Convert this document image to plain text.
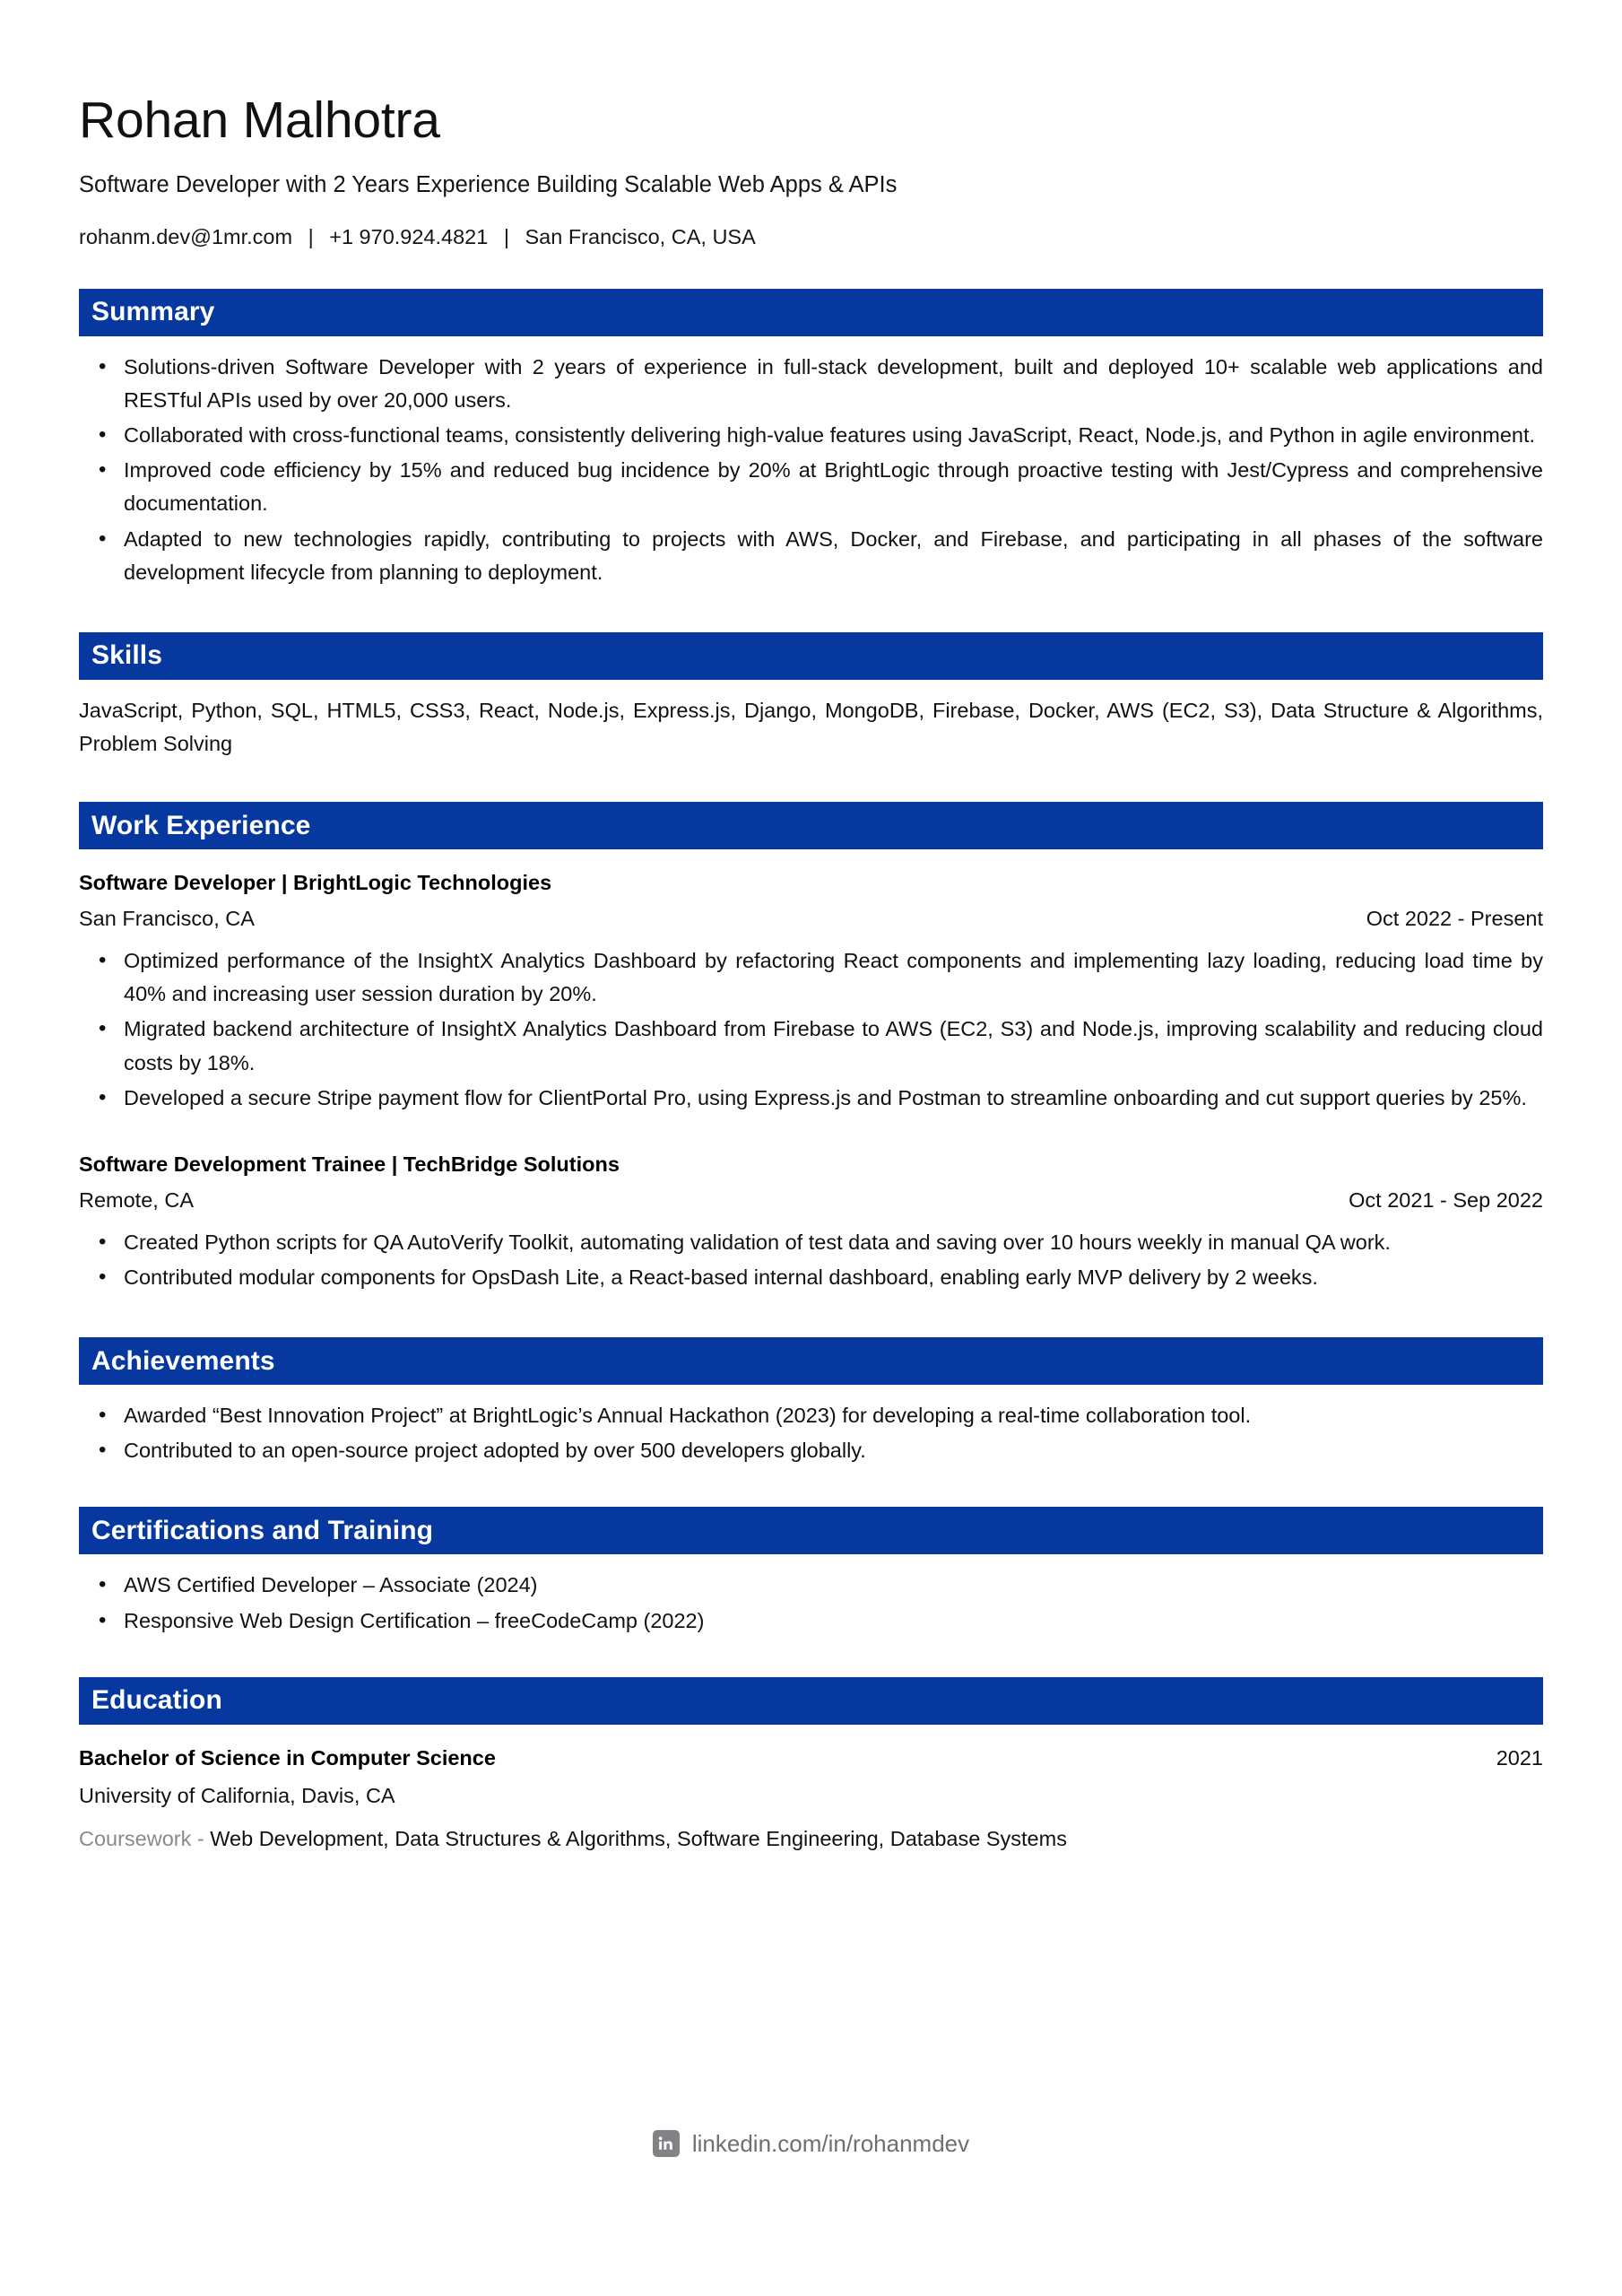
Rohan Malhotra
Software Developer with 2 Years Experience Building Scalable Web Apps & APIs
rohanm.dev@1mr.com | +1 970.924.4821 | San Francisco, CA, USA
Summary
• Solutions-driven Software Developer with 2 years of experience in full-stack development, built and deployed 10+ scalable web applications and RESTful APIs used by over 20,000 users.
• Collaborated with cross-functional teams, consistently delivering high-value features using JavaScript, React, Node.js, and Python in agile environment.
• Improved code efficiency by 15% and reduced bug incidence by 20% at BrightLogic through proactive testing with Jest/Cypress and comprehensive documentation.
• Adapted to new technologies rapidly, contributing to projects with AWS, Docker, and Firebase, and participating in all phases of the software development lifecycle from planning to deployment.
Skills

JavaScript, Python, SQL, HTML5, CSS3, React, Node.js, Express.js, Django, MongoDB, Firebase, Docker, AWS (EC2, S3), Data Structure & Algorithms, Problem Solving

Work Experience
Software Developer | BrightLogic Technologies
San Francisco, CA	Oct 2022 - Present
• Optimized performance of the InsightX Analytics Dashboard by refactoring React components and implementing lazy loading, reducing load time by 40% and increasing user session duration by 20%.
• Migrated backend architecture of InsightX Analytics Dashboard from Firebase to AWS (EC2, S3) and Node.js, improving scalability and reducing cloud costs by 18%.
• Developed a secure Stripe payment flow for ClientPortal Pro, using Express.js and Postman to streamline onboarding and cut support queries by 25%.
Software Development Trainee | TechBridge Solutions
Remote, CA	Oct 2021 - Sep 2022
• Created Python scripts for QA AutoVerify Toolkit, automating validation of test data and saving over 10 hours weekly in manual QA work.
• Contributed modular components for OpsDash Lite, a React-based internal dashboard, enabling early MVP delivery by 2 weeks.
Achievements
• Awarded “Best Innovation Project” at BrightLogic’s Annual Hackathon (2023) for developing a real-time collaboration tool.
• Contributed to an open-source project adopted by over 500 developers globally.
Certifications and Training
• AWS Certified Developer – Associate (2024)
• Responsive Web Design Certification – freeCodeCamp (2022)
Education
Bachelor of Science in Computer Science	2021
University of California, Davis, CA
Coursework - Web Development, Data Structures & Algorithms, Software Engineering, Database Systems
linkedin.com/in/rohanmdev
